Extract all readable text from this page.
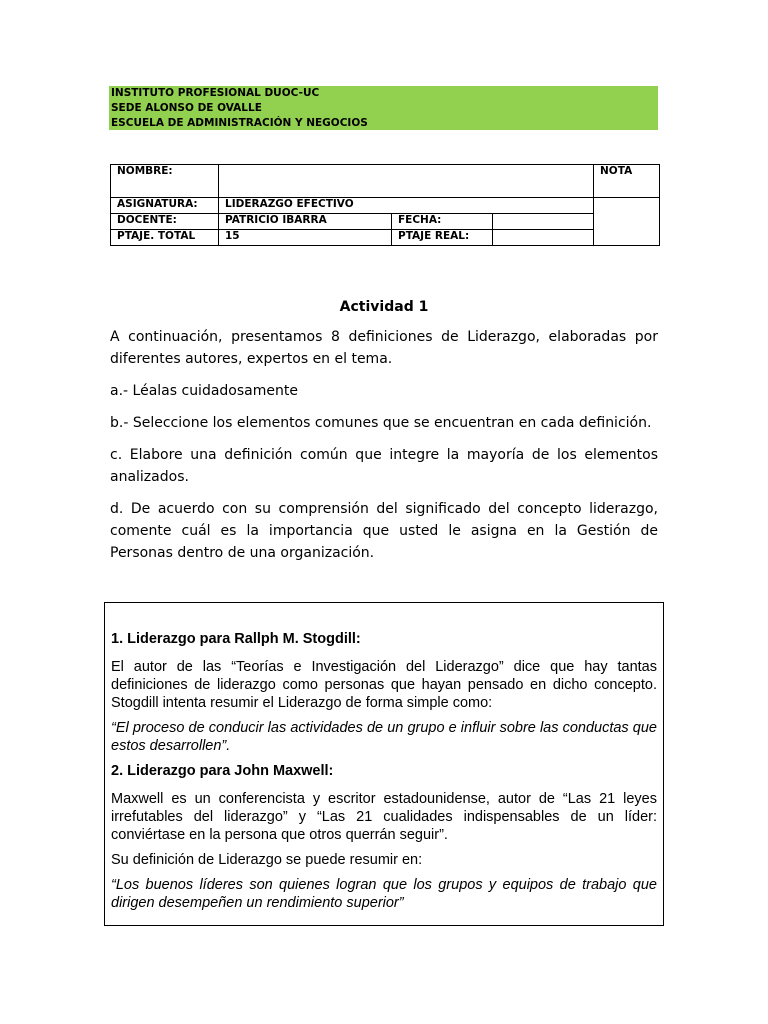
INSTITUTO PROFESIONAL DUOC-UC
SEDE ALONSO DE OVALLE
ESCUELA DE ADMINISTRACIÓN Y NEGOCIOS
NOMBRE:				NOTA
ASIGNATURA:	LIDERAZGO EFECTIVO			
DOCENTE:	PATRICIO IBARRA	FECHA:		
PTAJE. TOTAL	15	PTAJE REAL:		

Actividad 1

A continuación, presentamos 8 definiciones de Liderazgo, elaboradas por diferentes autores, expertos en el tema.

a.- Léalas cuidadosamente

b.- Seleccione los elementos comunes que se encuentran en cada definición.

c. Elabore una definición común que integre la mayoría de los elementos analizados.

d. De acuerdo con su comprensión del significado del concepto liderazgo, comente cuál es la importancia que usted le asigna en la Gestión de Personas dentro de una organización.

1. Liderazgo para Rallph M. Stogdill:

El autor de las “Teorías e Investigación del Liderazgo” dice que hay tantas definiciones de liderazgo como personas que hayan pensado en dicho concepto. Stogdill intenta resumir el Liderazgo de forma simple como:

“El proceso de conducir las actividades de un grupo e influir sobre las conductas que estos desarrollen”.

2. Liderazgo para John Maxwell:

Maxwell es un conferencista y escritor estadounidense, autor de “Las 21 leyes irrefutables del liderazgo” y “Las 21 cualidades indispensables de un líder: conviértase en la persona que otros querrán seguir”.

Su definición de Liderazgo se puede resumir en:

“Los buenos líderes son quienes logran que los grupos y equipos de trabajo que dirigen desempeñen un rendimiento superior”
